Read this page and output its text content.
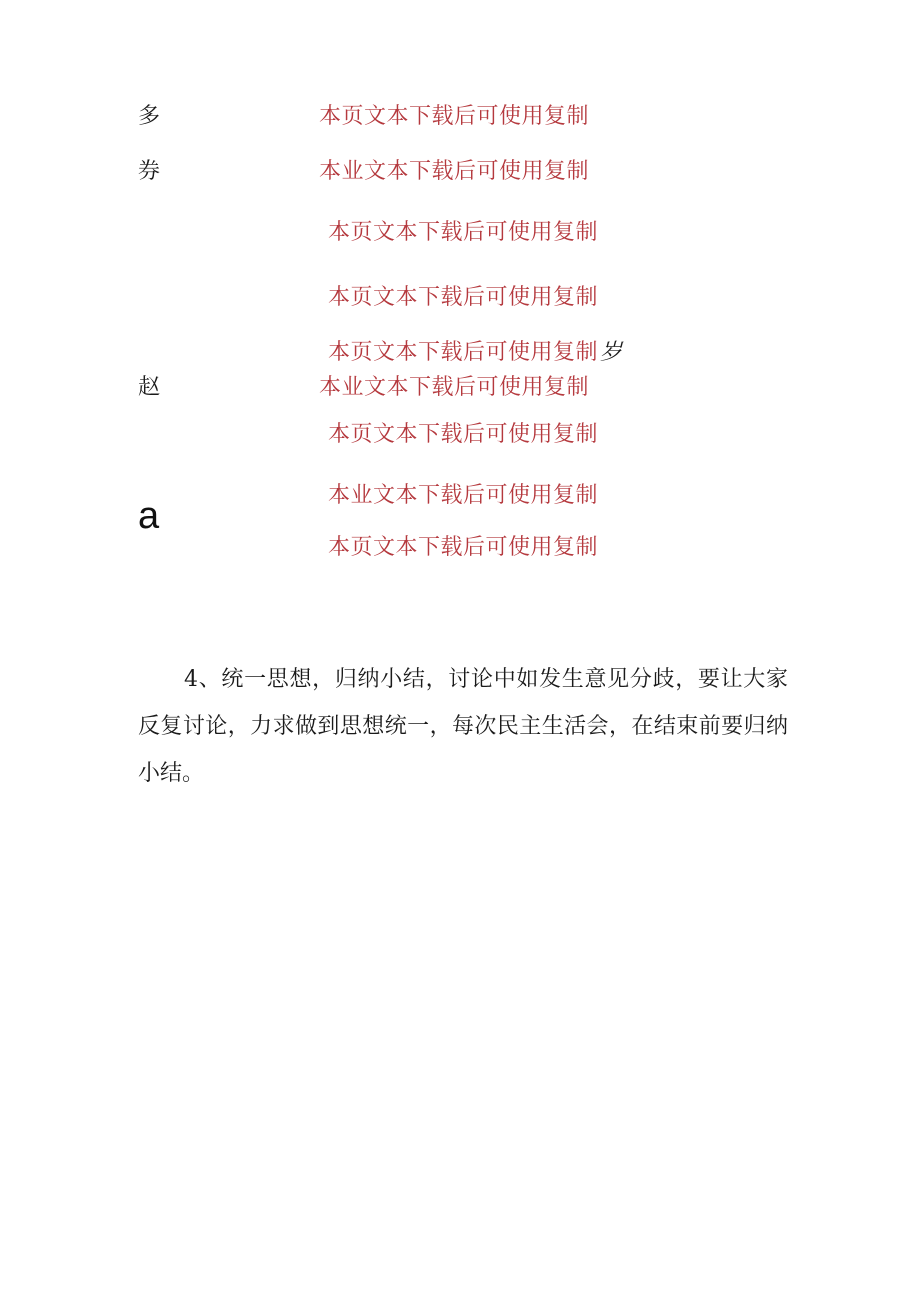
多
券
赵
a
本页文本下载后可使用复制
本业文本下载后可使用复制
本页文本下载后可使用复制
本页文本下载后可使用复制
本页文本下载后可使用复制岁
本业文本下载后可使用复制
本页文本下载后可使用复制
本业文本下载后可使用复制
本页文本下载后可使用复制
4、统一思想，归纳小结，讨论中如发生意见分歧，要让大家反复讨论，力求做到思想统一，每次民主生活会，在结束前要归纳小结。
